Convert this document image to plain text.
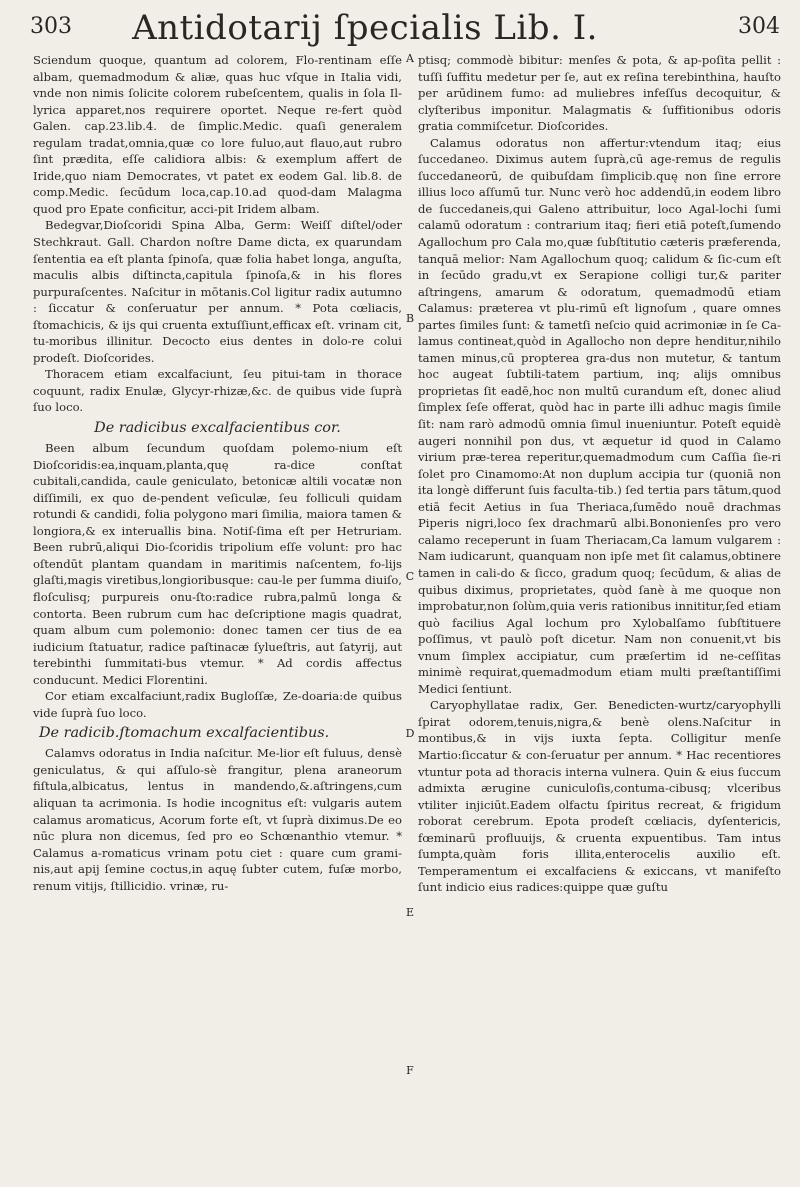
303	Antidotarij ſpecialis Lib. I.	304

Sciendum quoque, quantum ad colorem, Flo-rentinam eſſe albam, quemadmodum & aliæ, quas huc vſque in Italia vidi, vnde non nimis ſolicite colorem rubeſcentem, qualis in ſola Il-lyrica apparet,nos requirere oportet. Neque re-fert quòd Galen. cap.23.lib.4. de ſimplic.Medic. quaſi generalem regulam tradat,omnia,quæ co lore fuluo,aut flauo,aut rubro ſint prædita, eſſe calidiora albis: & exemplum affert de Iride,quo niam Democrates, vt patet ex eodem Gal. lib.8. de comp.Medic. ſecūdum loca,cap.10.ad quod-dam Malagma quod pro Epate conficitur, acci-pit Iridem albam.

Bedegvar,Dioſcoridi Spina Alba, Germ: Weiſſ diſtel/oder Stechkraut. Gall. Chardon noſtre Dame dicta, ex quarundam ſententia ea eſt planta ſpinoſa, quæ folia habet longa, anguſta, maculis albis diſtincta,capitula ſpinoſa,& in his flores purpuraſcentes. Naſcitur in mōtanis.Col ligitur radix autumno : ſiccatur & conſeruatur per annum. * Pota cœliacis, ſtomachicis, & ijs qui cruenta extuſſiunt,efficax eſt. vrinam cit, tu-moribus illinitur. Decocto eius dentes in dolo-re colui prodeſt. Dioſcorides.

Thoracem etiam excalfaciunt, ſeu pitui-tam in thorace coquunt, radix Enulæ, Glycyr-rhizæ,&c. de quibus vide ſuprà ſuo loco.

De radicibus excalfacientibus cor.

Been album ſecundum quoſdam polemo-nium eſt Dioſcoridis:ea,inquam,planta,quę ra-dice conſtat cubitali,candida, caule geniculato, betonicæ altili vocatæ non diſſimili, ex quo de-pendent veſiculæ, ſeu folliculi quidam rotundi & candidi, folia polygono mari ſimilia, maiora tamen & longiora,& ex interuallis bina. Notiſ-ſima eſt per Hetruriam. Been rubrū,aliqui Dio-ſcoridis tripolium eſſe volunt: pro hac oſtendūt plantam quandam in maritimis naſcentem, fo-lijs glaſti,magis viretibus,longioribusque: cau-le per ſumma diuiſo, floſculisq; purpureis onu-ſto:radice rubra,palmū longa & contorta. Been rubrum cum hac deſcriptione magis quadrat, quam album cum polemonio: donec tamen cer tius de ea iudicium ſtatuatur, radice paſtinacæ ſylueſtris, aut ſatyrij, aut terebinthi ſummitati-bus vtemur. * Ad cordis affectus conducunt. Medici Florentini.

Cor etiam excalfaciunt,radix Bugloſſæ, Ze-doaria:de quibus vide ſuprà ſuo loco.

De radicib.ſtomachum excalfacientibus.

Calamvs odoratus in India naſcitur. Me-lior eſt fuluus, densè geniculatus, & qui aſſulo-sè frangitur, plena araneorum fiſtula,albicatus, lentus in mandendo,&.aſtringens,cum aliquan ta acrimonia. Is hodie incognitus eſt: vulgaris autem calamus aromaticus, Acorum forte eſt, vt ſuprà diximus.De eo nūc plura non dicemus, ſed pro eo Schœnanthio vtemur. * Calamus a-romaticus vrinam potu ciet : quare cum grami-nis,aut apij ſemine coctus,in aquę ſubter cutem, fuſæ morbo, renum vitijs, ſtillicidio. vrinæ, ru-

A
B
C
D
E
F

ptisq; commodè bibitur: menſes & pota, & ap-poſita pellit : tuſſi ſuffitu medetur per ſe, aut ex reſina terebinthina, hauſto per arūdinem fumo: ad muliebres infeſſus decoquitur, & clyſteribus imponitur. Malagmatis & ſuffitionibus odoris gratia commiſcetur. Dioſcorides.

Calamus odoratus non affertur:vtendum itaq; eius ſuccedaneo. Diximus autem ſuprà,cū age-remus de regulis ſuccedaneorū, de quibuſdam ſimplicib.quę non ſine errore illius loco aſſumū tur. Nunc verò hoc addendū,in eodem libro de ſuccedaneis,qui Galeno attribuitur, loco Agal-lochi ſumi calamū odoratum : contrarium itaq; fieri etiā poteſt,ſumendo Agallochum pro Cala mo,quæ ſubſtitutio cæteris præferenda, tanquā melior: Nam Agallochum quoq; calidum & ſic-cum eſt in ſecūdo gradu,vt ex Serapione colligi tur,& pariter aſtringens, amarum & odoratum, quemadmodū etiam Calamus: præterea vt plu-rimū eſt lignoſum , quare omnes partes ſimiles ſunt: & tametſi neſcio quid acrimoniæ in ſe Ca-lamus contineat,quòd in Agallocho non depre henditur,nihilo tamen minus,cū propterea gra-dus non mutetur, & tantum hoc augeat ſubtili-tatem partium, inq; alijs omnibus proprietas ſit eadē,hoc non multū curandum eſt, donec aliud ſimplex ſeſe offerat, quòd hac in parte illi adhuc magis ſimile ſit: nam rarò admodū omnia ſimul inueniuntur. Poteſt equidè augeri nonnihil pon dus, vt æquetur id quod in Calamo virium præ-terea reperitur,quemadmodum cum Caſſia ſie-ri ſolet pro Cinamomo:At non duplum accipia tur (quoniā non ita longè differunt ſuis faculta-tib.) ſed tertia pars tātum,quod etiā fecit Aetius in ſua Theriaca,ſumēdo nouē drachmas Piperis nigri,loco ſex drachmarū albi.Bononienſes pro vero calamo receperunt in ſuam Theriacam,Ca lamum vulgarem : Nam iudicarunt, quanquam non ipſe met ſit calamus,obtinere tamen in cali-do & ſicco, gradum quoq; ſecūdum, & alias de quibus diximus, proprietates, quòd ſanè à me quoque non improbatur,non ſolùm,quia veris rationibus innititur,ſed etiam quò facilius Agal lochum pro Xylobalſamo ſubſtituere poſſimus, vt paulò poſt dicetur. Nam non conuenit,vt bis vnum ſimplex accipiatur, cum præſertim id ne-ceſſitas minimè requirat,quemadmodum etiam multi præſtantiſſimi Medici ſentiunt.

Caryophyllatae radix, Ger. Benedicten-wurtz/caryophylli ſpirat odorem,tenuis,nigra,& benè olens.Naſcitur in montibus,& in vijs iuxta ſepta. Colligitur menſe Martio:ſiccatur & con-ſeruatur per annum. * Hac recentiores vtuntur pota ad thoracis interna vulnera. Quin & eius ſuccum admixta ærugine cuniculoſis,contuma-cibusq; vlceribus vtiliter injiciūt.Eadem olfactu ſpiritus recreat, & frigidum roborat cerebrum. Epota prodeſt cœliacis, dyſentericis, fœminarū profluuijs, & cruenta expuentibus. Tam intus ſumpta,quàm foris illita,enterocelis auxilio eſt. Temperamentum ei excalfaciens & exiccans, vt manifeſto ſunt indicio eius radices:quippe quæ guſtu
